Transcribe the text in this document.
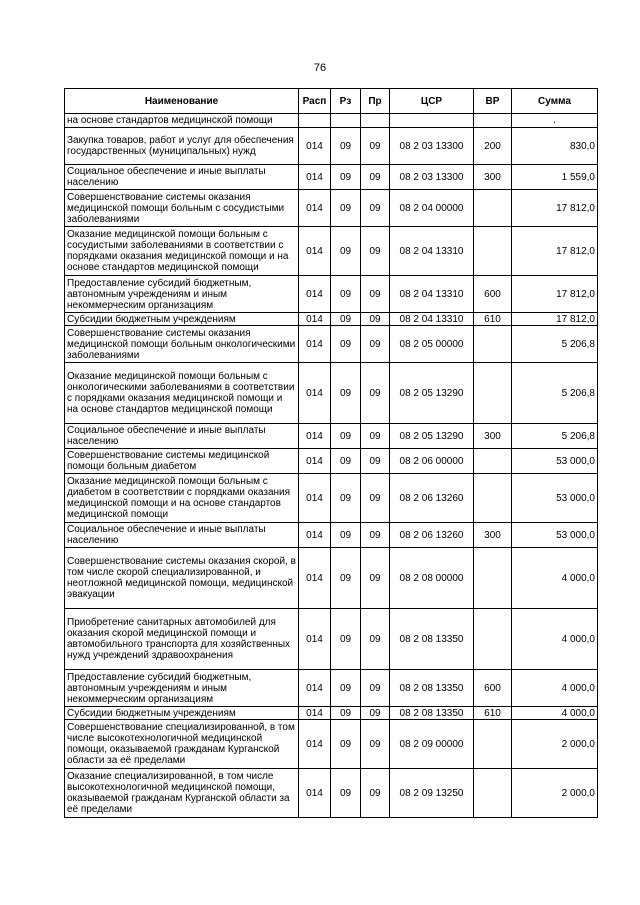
76
Наименование	Расп	Рз	Пр	ЦСР	ВР	Сумма
на основе стандартов медицинской помощи						.
Закупка товаров, работ и услуг для обеспечения государственных (муниципальных) нужд	014	09	09	08 2 03 13300	200	830,0
Социальное обеспечение и иные выплаты населению	014	09	09	08 2 03 13300	300	1 559,0
Совершенствование системы оказания медицинской помощи больным с сосудистыми заболеваниями	014	09	09	08 2 04 00000		17 812,0
Оказание медицинской помощи больным с сосудистыми заболеваниями в соответствии с порядками оказания медицинской помощи и на основе стандартов медицинской помощи	014	09	09	08 2 04 13310		17 812,0
Предоставление субсидий бюджетным, автономным учреждениям и иным некоммерческим организациям	014	09	09	08 2 04 13310	600	17 812,0
Субсидии бюджетным учреждениям	014	09	09	08 2 04 13310	610	17 812,0
Совершенствование системы оказания медицинской помощи больным онкологическими заболеваниями	014	09	09	08 2 05 00000		5 206,8
Оказание медицинской помощи больным с онкологическими заболеваниями в соответствии с порядками оказания медицинской помощи и на основе стандартов медицинской помощи	014	09	09	08 2 05 13290		5 206,8
Социальное обеспечение и иные выплаты населению	014	09	09	08 2 05 13290	300	5 206,8
Совершенствование системы медицинской помощи больным диабетом	014	09	09	08 2 06 00000		53 000,0
Оказание медицинской помощи больным с диабетом в соответствии с порядками оказания медицинской помощи и на основе стандартов медицинской помощи	014	09	09	08 2 06 13260		53 000,0
Социальное обеспечение и иные выплаты населению	014	09	09	08 2 06 13260	300	53 000,0
Совершенствование системы оказания скорой, в том числе скорой специализированной, и неотложной медицинской помощи, медицинской эвакуации	014	09	09	08 2 08 00000		4 000,0
Приобретение санитарных автомобилей для оказания скорой медицинской помощи и автомобильного транспорта для хозяйственных нужд учреждений здравоохранения	014	09	09	08 2 08 13350		4 000,0
Предоставление субсидий бюджетным, автономным учреждениям и иным некоммерческим организациям	014	09	09	08 2 08 13350	600	4 000,0
Субсидии бюджетным учреждениям	014	09	09	08 2 08 13350	610	4 000,0
Совершенствование специализированной, в том числе высокотехнологичной медицинской помощи, оказываемой гражданам Курганской области за её пределами	014	09	09	08 2 09 00000		2 000,0
Оказание специализированной, в том числе высокотехнологичной медицинской помощи, оказываемой гражданам Курганской области за её пределами	014	09	09	08 2 09 13250		2 000,0
